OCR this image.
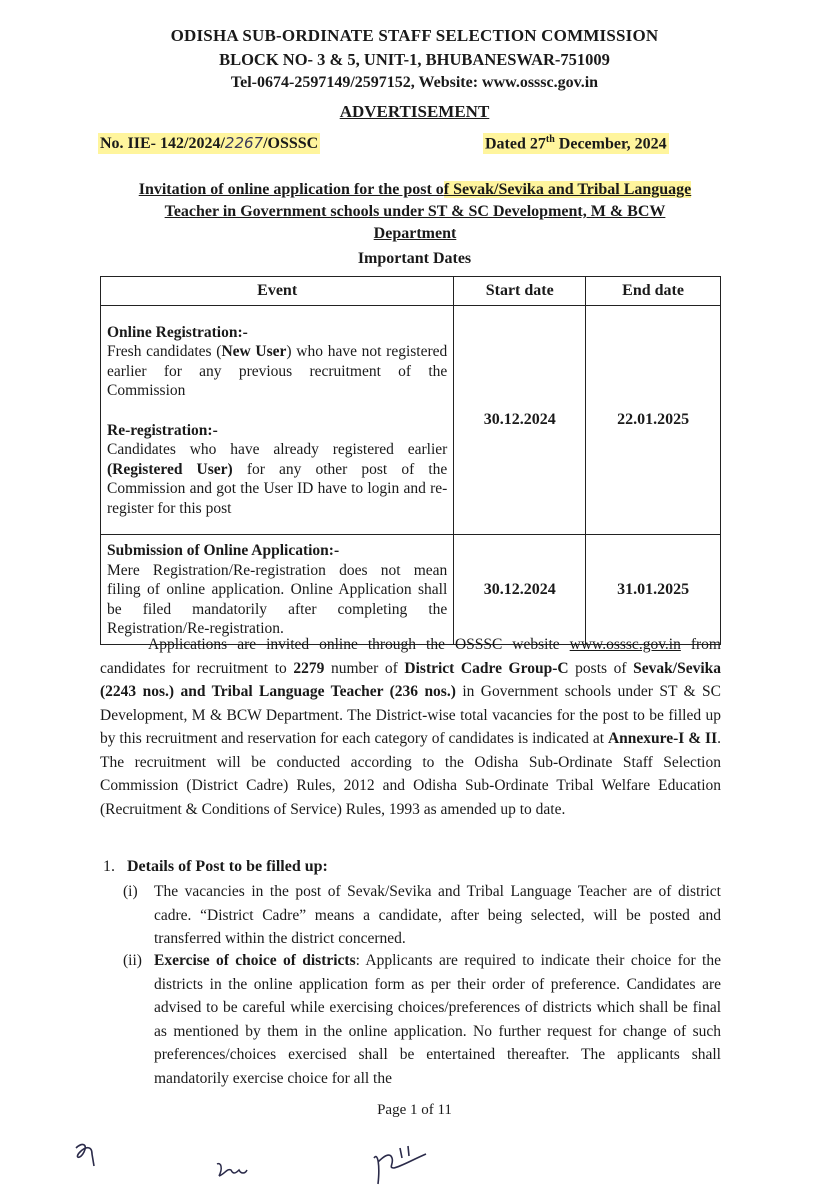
ODISHA SUB-ORDINATE STAFF SELECTION COMMISSION
BLOCK NO- 3 & 5, UNIT-1, BHUBANESWAR-751009
Tel-0674-2597149/2597152, Website: www.osssc.gov.in
ADVERTISEMENT
No. IIE- 142/2024/2267/OSSSC	Dated 27th December, 2024
Invitation of online application for the post of Sevak/Sevika and Tribal Language
Teacher in Government schools under ST & SC Development, M & BCW
Department
Important Dates
Event	Start date	End date

Online Registration:-
Fresh candidates (New User) who have not registered earlier for any previous recruitment of the Commission
Re-registration:-
Candidates who have already registered earlier (Registered User) for any other post of the Commission and got the User ID have to login and re-register for this post	30.12.2024	22.01.2025

Submission of Online Application:-
Mere Registration/Re-registration does not mean filing of online application. Online Application shall be filed mandatorily after completing the Registration/Re-registration.	30.12.2024	31.01.2025
Applications are invited online through the OSSSC website www.osssc.gov.in from candidates for recruitment to 2279 number of District Cadre Group-C posts of Sevak/Sevika (2243 nos.) and Tribal Language Teacher (236 nos.) in Government schools under ST & SC Development, M & BCW Department. The District-wise total vacancies for the post to be filled up by this recruitment and reservation for each category of candidates is indicated at Annexure-I & II. The recruitment will be conducted according to the Odisha Sub-Ordinate Staff Selection Commission (District Cadre) Rules, 2012 and Odisha Sub-Ordinate Tribal Welfare Education (Recruitment & Conditions of Service) Rules, 1993 as amended up to date.
1. Details of Post to be filled up:
(i) The vacancies in the post of Sevak/Sevika and Tribal Language Teacher are of district cadre. “District Cadre” means a candidate, after being selected, will be posted and transferred within the district concerned.
(ii) Exercise of choice of districts: Applicants are required to indicate their choice for the districts in the online application form as per their order of preference. Candidates are advised to be careful while exercising choices/preferences of districts which shall be final as mentioned by them in the online application. No further request for change of such preferences/choices exercised shall be entertained thereafter. The applicants shall mandatorily exercise choice for all the
Page 1 of 11
